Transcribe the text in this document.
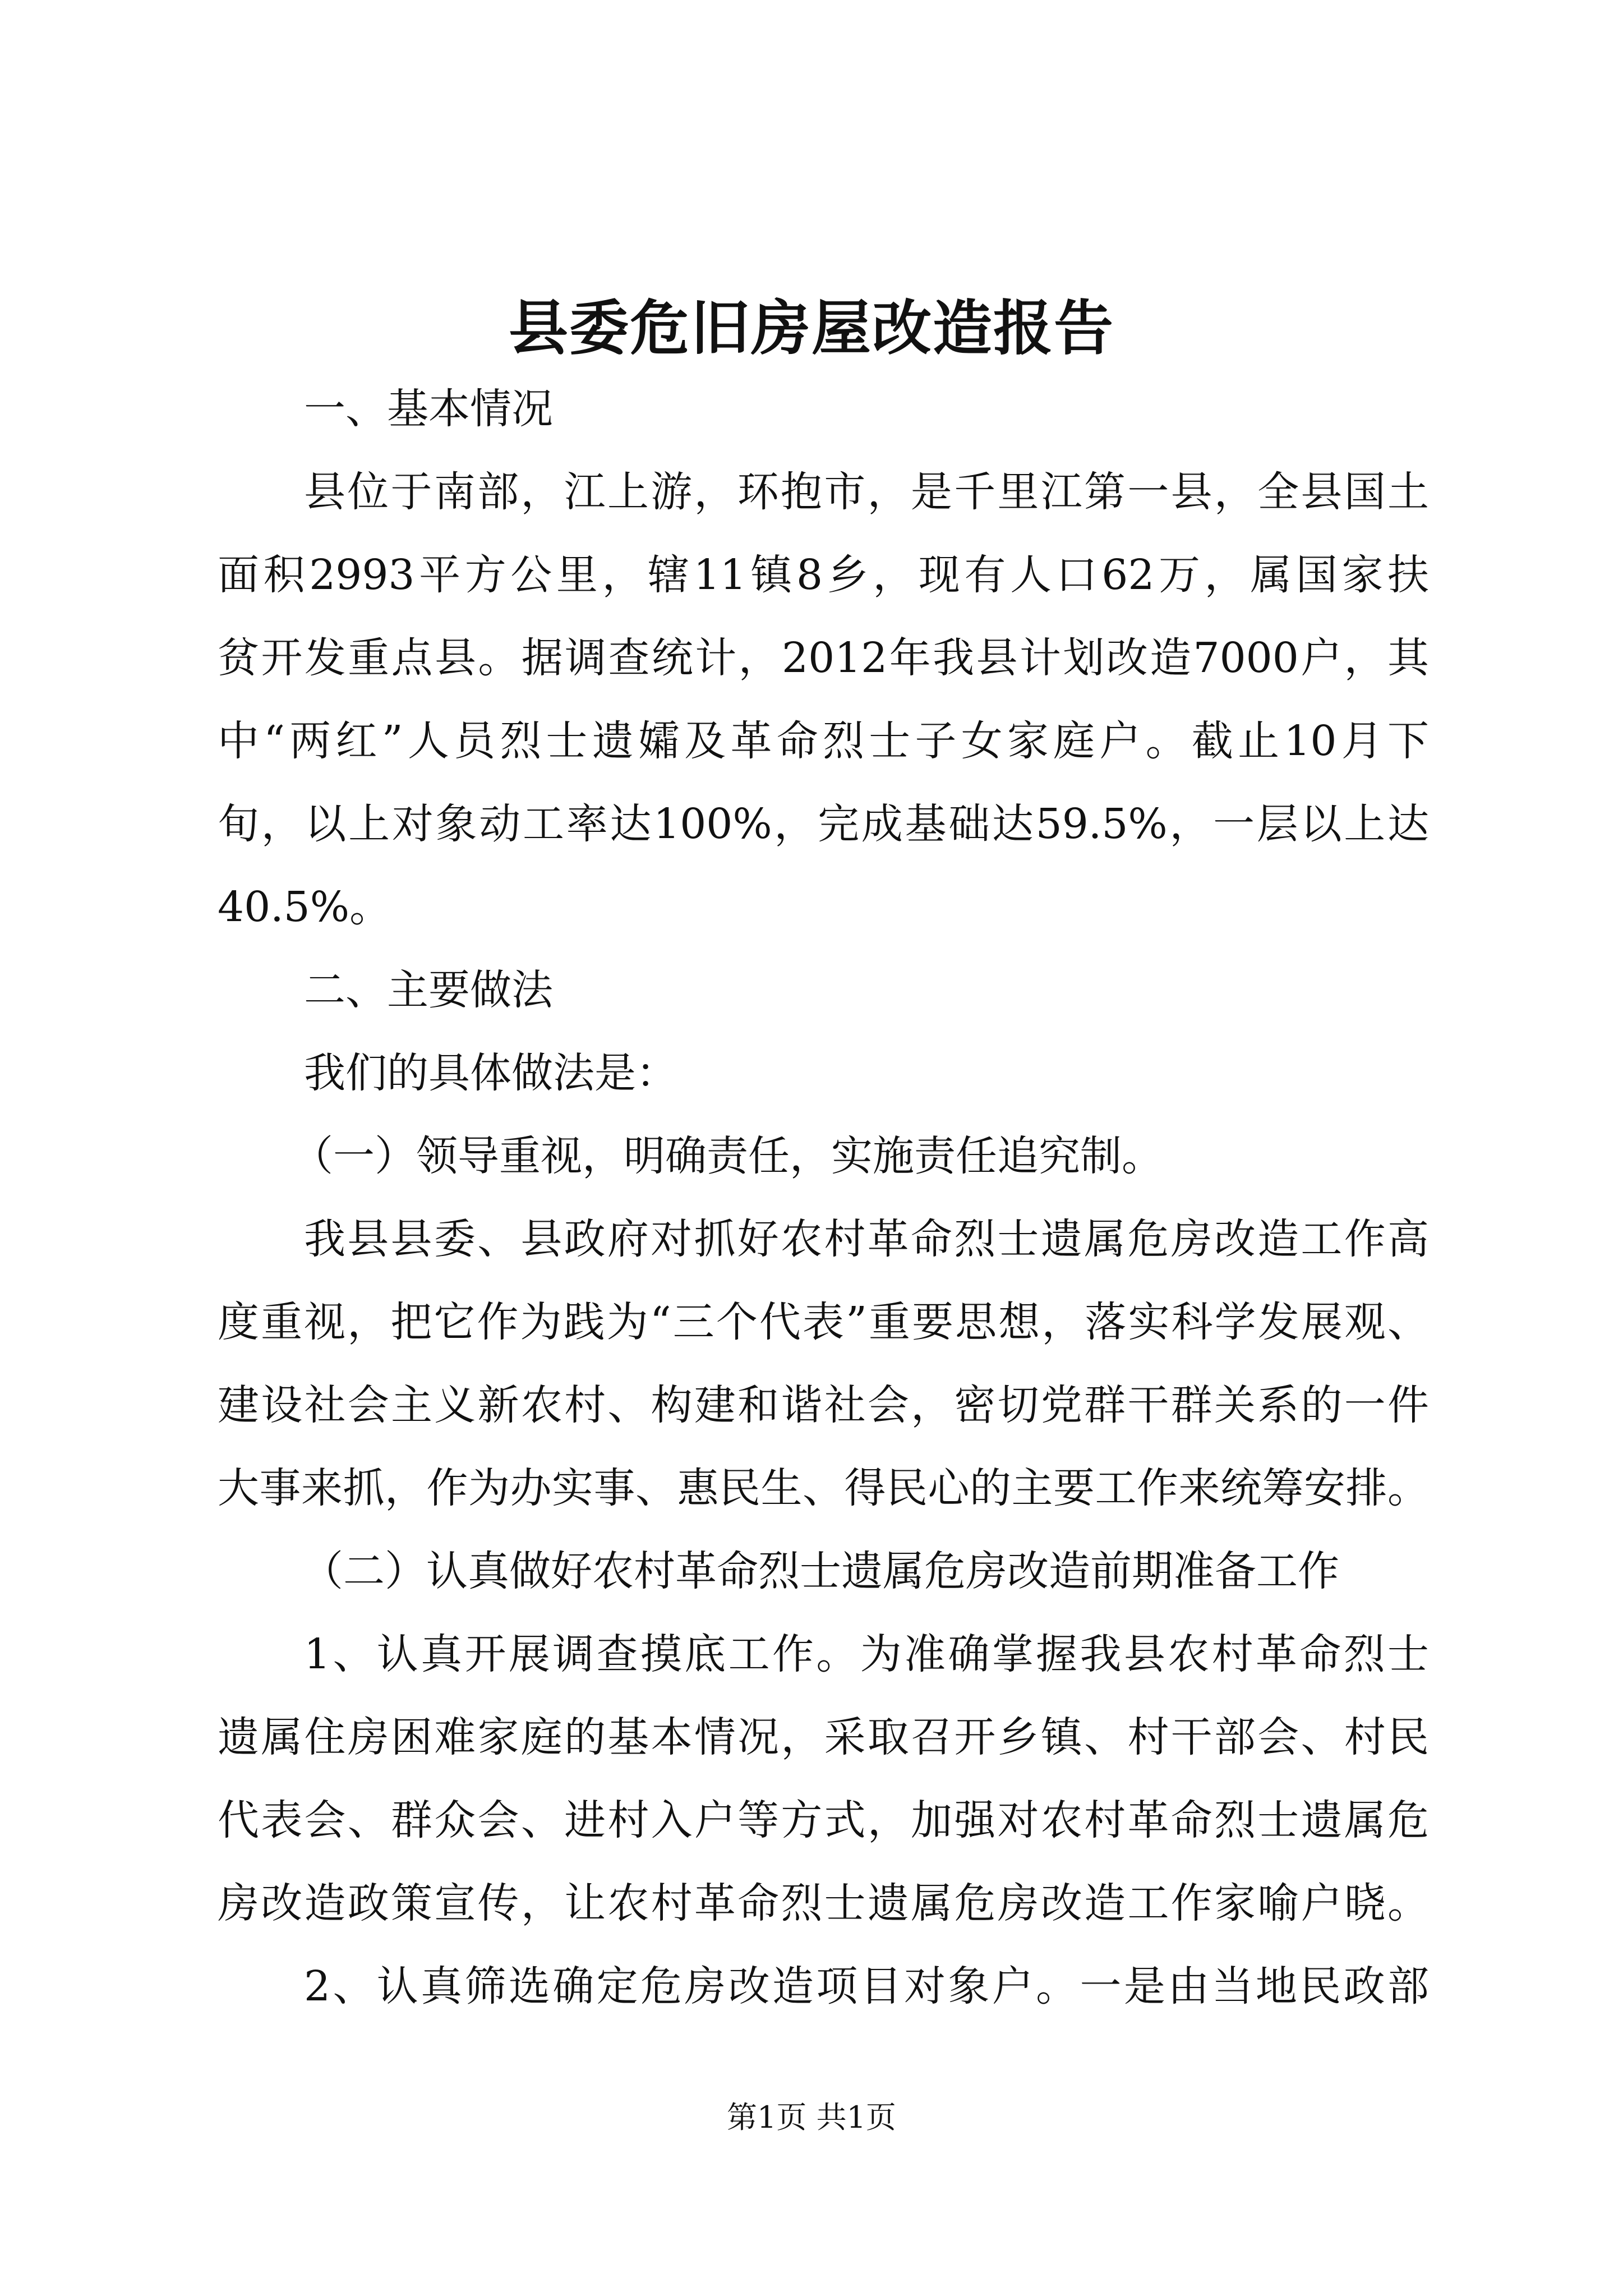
县委危旧房屋改造报告
一、基本情况
县位于南部，江上游，环抱市，是千里江第一县，全县国土
面积2993平方公里，辖11镇8乡，现有人口62万，属国家扶
贫开发重点县。据调查统计，2012年我县计划改造7000户，其
中“两红”人员烈士遗孀及革命烈士子女家庭户。截止10月下
旬，以上对象动工率达100%，完成基础达59.5%，一层以上达
40.5%。
二、主要做法
我们的具体做法是：
（一）领导重视，明确责任，实施责任追究制。
我县县委、县政府对抓好农村革命烈士遗属危房改造工作高
度重视，把它作为践为“三个代表”重要思想，落实科学发展观、
建设社会主义新农村、构建和谐社会，密切党群干群关系的一件
大事来抓，作为办实事、惠民生、得民心的主要工作来统筹安排。
（二）认真做好农村革命烈士遗属危房改造前期准备工作
1、认真开展调查摸底工作。为准确掌握我县农村革命烈士
遗属住房困难家庭的基本情况，采取召开乡镇、村干部会、村民
代表会、群众会、进村入户等方式，加强对农村革命烈士遗属危
房改造政策宣传，让农村革命烈士遗属危房改造工作家喻户晓。
2、认真筛选确定危房改造项目对象户。一是由当地民政部
第1页 共1页
